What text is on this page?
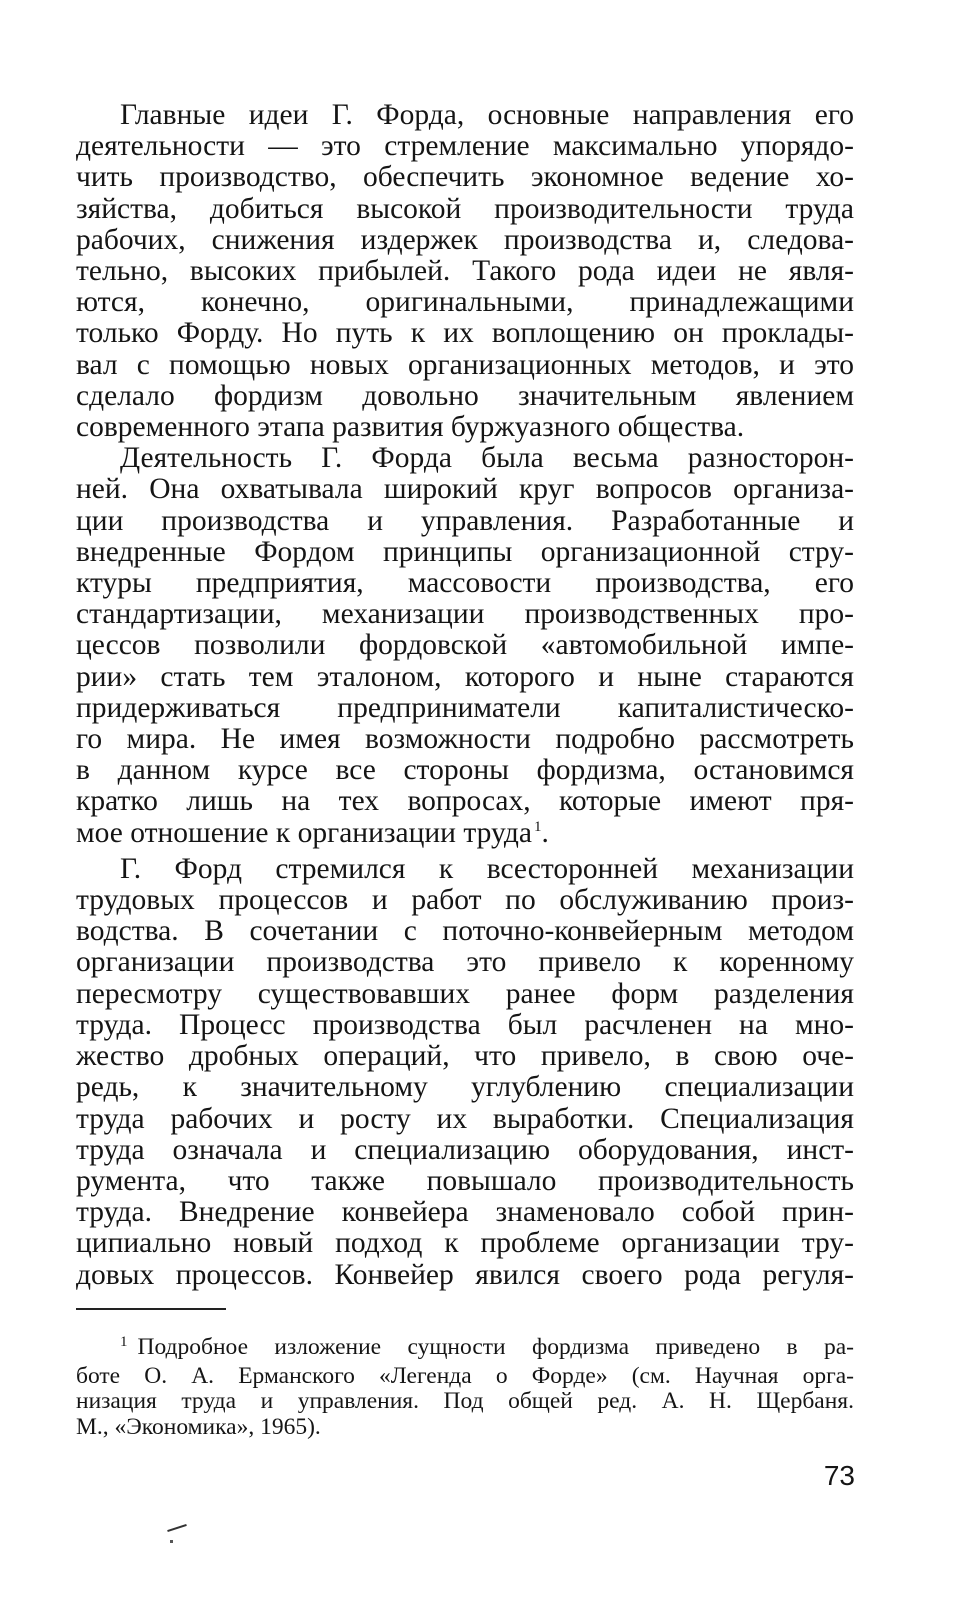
Главные идеи Г. Форда, основные направления его
деятельности — это стремление максимально упорядо-
чить производство, обеспечить экономное ведение хо-
зяйства, добиться высокой производительности труда
рабочих, снижения издержек производства и, следова-
тельно, высоких прибылей. Такого рода идеи не явля-
ются, конечно, оригинальными, принадлежащими
только Форду. Но путь к их воплощению он проклады-
вал с помощью новых организационных методов, и это
сделало фордизм довольно значительным явлением
современного этапа развития буржуазного общества.

Деятельность Г. Форда была весьма разносторон-
ней. Она охватывала широкий круг вопросов организа-
ции производства и управления. Разработанные и
внедренные Фордом принципы организационной стру-
ктуры предприятия, массовости производства, его
стандартизации, механизации производственных про-
цессов позволили фордовской «автомобильной импе-
рии» стать тем эталоном, которого и ныне стараются
придерживаться предприниматели капиталистическо-
го мира. Не имея возможности подробно рассмотреть
в данном курсе все стороны фордизма, остановимся
кратко лишь на тех вопросах, которые имеют пря-
мое отношение к организации труда $^1$.

Г. Форд стремился к всесторонней механизации
трудовых процессов и работ по обслуживанию произ-
водства. В сочетании с поточно-конвейерным методом
организации производства это привело к коренному
пересмотру существовавших ранее форм разделения
труда. Процесс производства был расчленен на мно-
жество дробных операций, что привело, в свою оче-
редь, к значительному углублению специализации
труда рабочих и росту их выработки. Специализация
труда означала и специализацию оборудования, инст-
румента, что также повышало производительность
труда. Внедрение конвейера знаменовало собой прин-
ципиально новый подход к проблеме организации тру-
довых процессов. Конвейер явился своего рода регуля-

$^1$ Подробное изложение сущности фордизма приведено в ра-
боте О. А. Ерманского «Легенда о Форде» (см. Научная орга-
низация труда и управления. Под общей ред. А. Н. Щербаня.
М., «Экономика», 1965).
73
